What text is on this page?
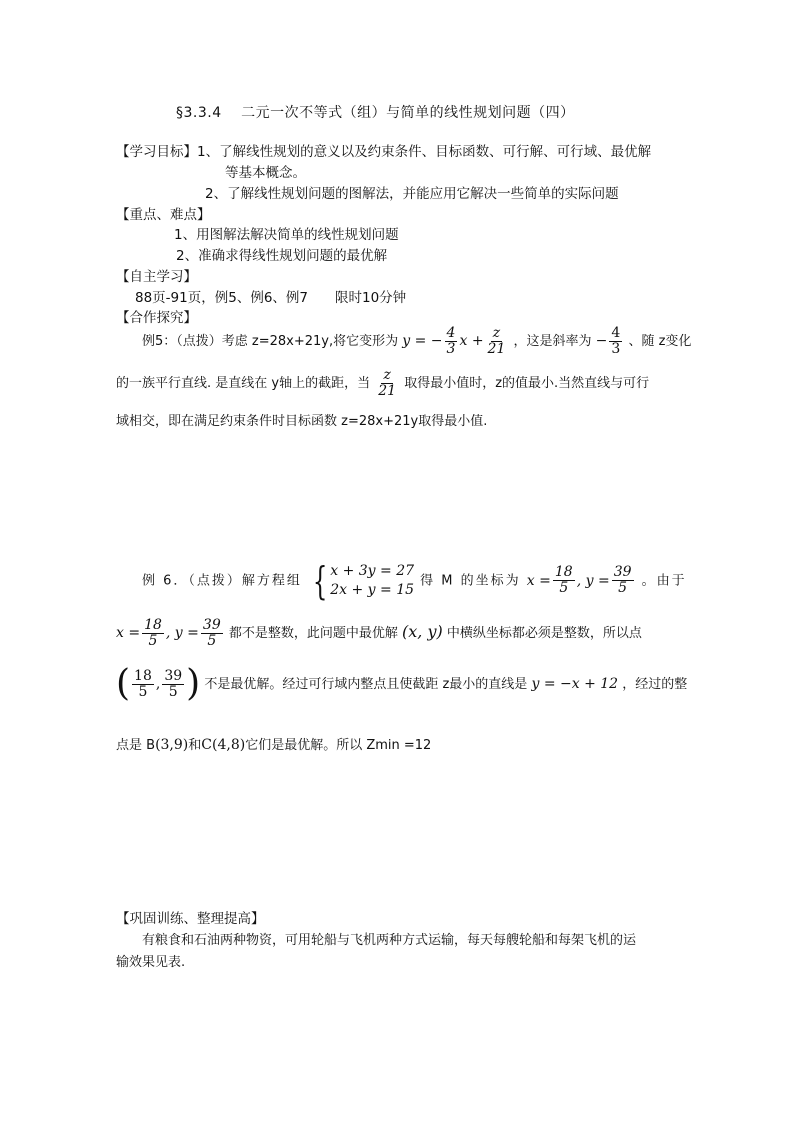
§3.3.4　 二元一次不等式（组）与简单的线性规划问题（四）
【学习目标】1、了解线性规划的意义以及约束条件、目标函数、可行解、可行域、最优解
等基本概念。
2、了解线性规划问题的图解法，并能应用它解决一些简单的实际问题
【重点、难点】
1、用图解法解决简单的线性规划问题
2、准确求得线性规划问题的最优解
【自主学习】
88页-91页，例5、例6、例7　　限时10分钟
【合作探究】
例5：（点拨）考虑 z=28x+21y,将它变形为 y = − $\frac{4}{3}$ $x + \frac{z}{21}$ ，这是斜率为 − $\frac{4}{3}$ 、随 z变化
的一族平行直线. 是直线在 y轴上的截距，当 $\frac{z}{21}$ 取得最小值时，z的值最小.当然直线与可行
域相交，即在满足约束条件时目标函数 z=28x+21y取得最小值.
例 6．（点拨）解方程组 { x + 3y = 27
2x + y = 15
得 M 的坐标为 $x = \frac{18}{5}$ , $y = \frac{39}{5}$ 。由于
$x = \frac{18}{5}$ , $y = \frac{39}{5}$ 都不是整数，此问题中最优解 (x, y) 中横纵坐标都必须是整数，所以点
( $\frac{18}{5}$ , $\frac{39}{5}$ ) 不是最优解。经过可行域内整点且使截距 z最小的直线是 y = −x + 12 ，经过的整
点是 B(3,9)和C(4,8)它们是最优解。所以 Zmin =12
【巩固训练、整理提高】
有粮食和石油两种物资，可用轮船与飞机两种方式运输，每天每艘轮船和每架飞机的运
输效果见表.
